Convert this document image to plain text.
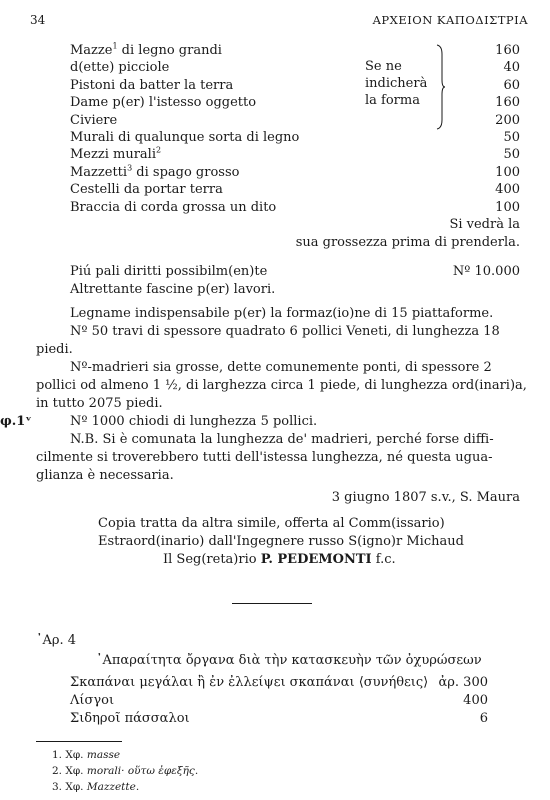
34	ΑΡΧΕΙΟΝ ΚΑΠΟΔΙΣΤΡΙΑ
Mazze$^1$ di legno grandi	160
d(ette) picciole	40
Pistoni da batter la terra	60
Dame p(er) l'istesso oggetto	160
Civiere	200
Murali di qualunque sorta di legno	50
Mezzi murali$^2$	50
Mazzetti$^3$ di spago grosso	100
Cestelli da portar terra	400
Braccia di corda grossa un dito	100
Se ne
indicherà
la forma
Si vedrà la
sua grossezza prima di prenderla.
Piú pali diritti possibilm(en)te	Nº 10.000
Altrettante fascine p(er) lavori.
Legname indispensabile p(er) la formaz(io)ne di 15 piattaforme.
Nº 50 travi di spessore quadrato 6 pollici Veneti, di lunghezza 18
piedi.
Nº-madrieri sia grosse, dette comunemente ponti, di spessore 2
pollici od almeno 1 ½, di larghezza circa 1 piede, di lunghezza ord(inari)a,
in tutto 2075 piedi.
φ.1ᵛ	Nº 1000 chiodi di lunghezza 5 pollici.
N.B. Si è comunata la lunghezza de' madrieri, perché forse diffi-
cilmente si troverebbero tutti dell'istessa lunghezza, né questa ugua-
glianza è necessaria.
3 giugno 1807 s.v., S. Maura
Copia tratta da altra simile, offerta al Comm(issario)
Estraord(inario) dall'Ingegnere russo S(igno)r Michaud
Il Seg(reta)rio P. PEDEMONTI f.c.
᾿Αρ. 4
᾿Απαραίτητα ὄργανα διὰ τὴν κατασκευὴν τῶν ὀχυρώσεων
Σκαπάναι μεγάλαι ἢ ἐν ἐλλείψει σκαπάναι ⟨συνήθεις⟩ ἀρ. 300
Λίσγοι	400
Σιδηροῖ πάσσαλοι	6
1. Χφ. masse
2. Χφ. morali· οὕτω ἐφεξῆς.
3. Χφ. Mazzette.
